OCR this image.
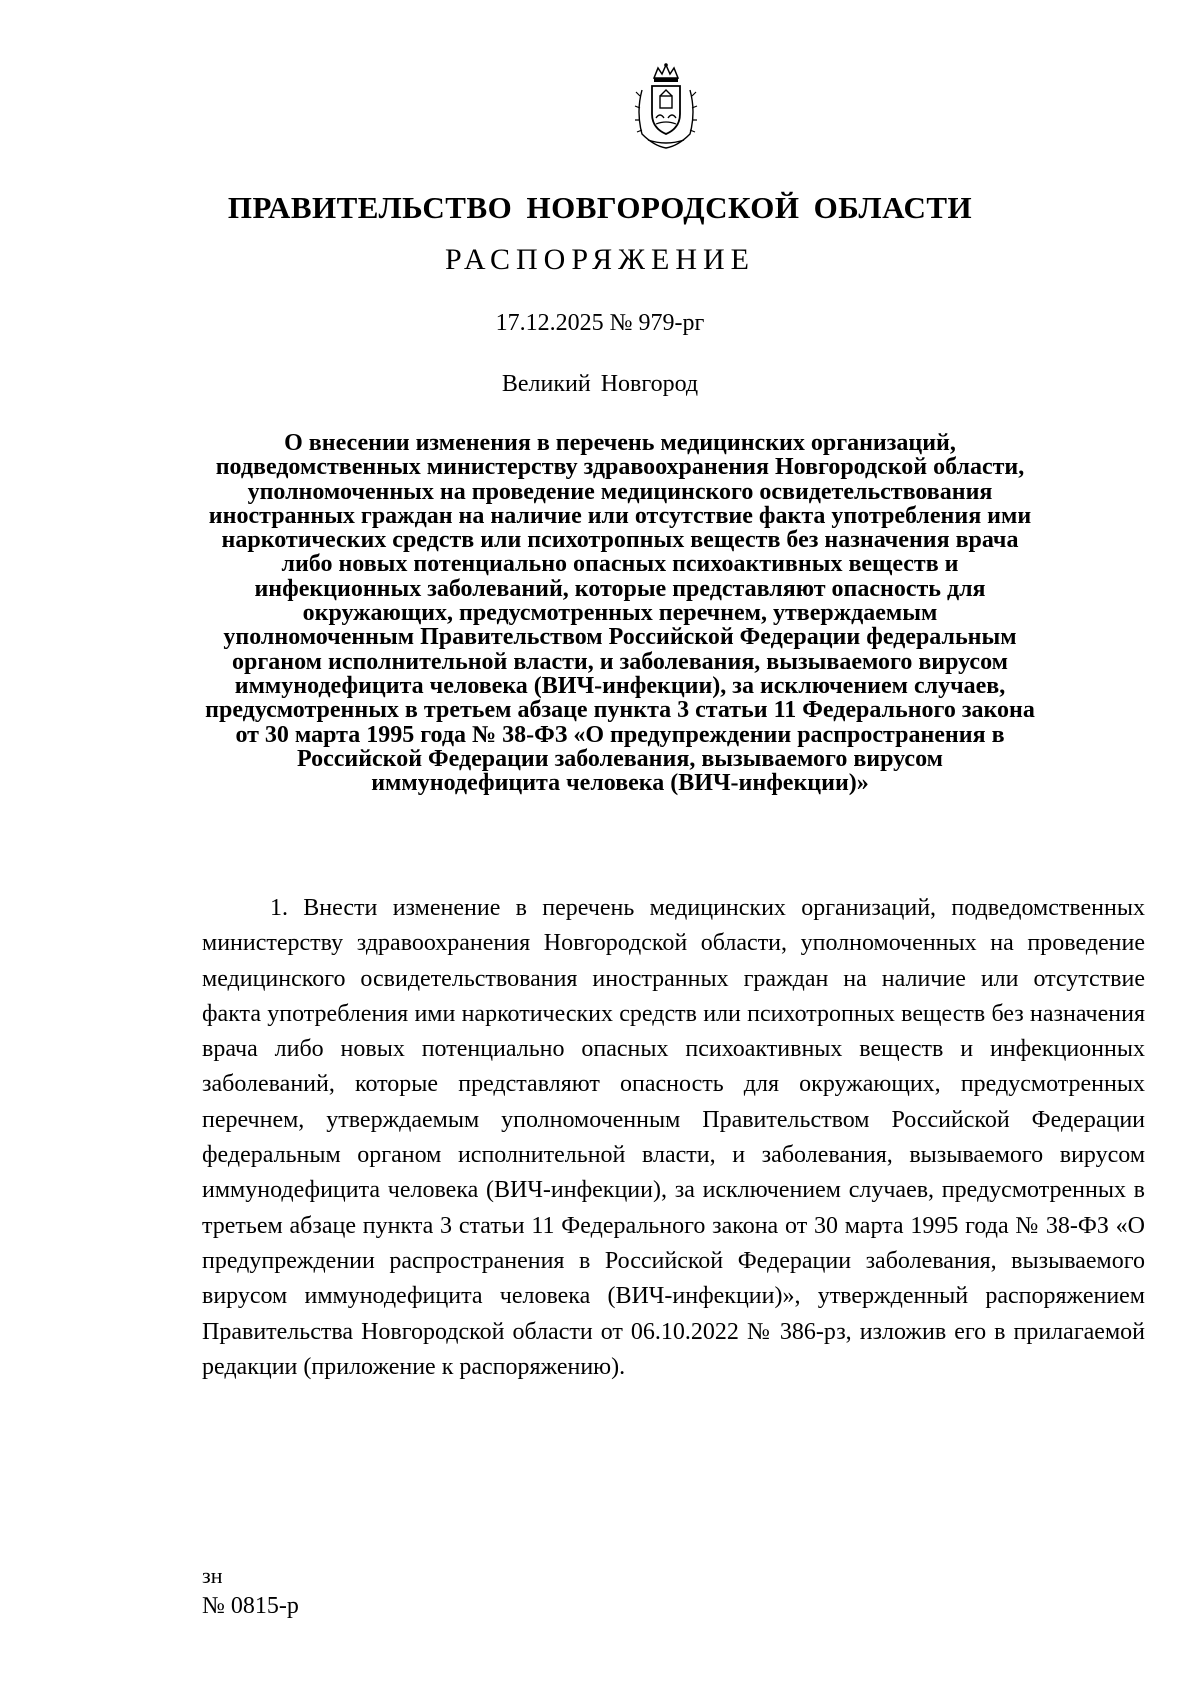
ПРАВИТЕЛЬСТВО НОВГОРОДСКОЙ ОБЛАСТИ
РАСПОРЯЖЕНИЕ
17.12.2025 № 979-рг
Великий Новгород
О внесении изменения в перечень медицинских организаций, подведомственных министерству здравоохранения Новгородской области, уполномоченных на проведение медицинского освидетельствования иностранных граждан на наличие или отсутствие факта употребления ими наркотических средств или психотропных веществ без назначения врача либо новых потенциально опасных психоактивных веществ и инфекционных заболеваний, которые представляют опасность для окружающих, предусмотренных перечнем, утверждаемым уполномоченным Правительством Российской Федерации федеральным органом исполнительной власти, и заболевания, вызываемого вирусом иммунодефицита человека (ВИЧ-инфекции), за исключением случаев, предусмотренных в третьем абзаце пункта 3 статьи 11 Федерального закона от 30 марта 1995 года № 38-ФЗ «О предупреждении распространения в Российской Федерации заболевания, вызываемого вирусом иммунодефицита человека (ВИЧ-инфекции)»
1. Внести изменение в перечень медицинских организаций, подведомственных министерству здравоохранения Новгородской области, уполномоченных на проведение медицинского освидетельствования иностранных граждан на наличие или отсутствие факта употребления ими наркотических средств или психотропных веществ без назначения врача либо новых потенциально опасных психоактивных веществ и инфекционных заболеваний, которые представляют опасность для окружающих, предусмотренных перечнем, утверждаемым уполномоченным Правительством Российской Федерации федеральным органом исполнительной власти, и заболевания, вызываемого вирусом иммунодефицита человека (ВИЧ-инфекции), за исключением случаев, предусмотренных в третьем абзаце пункта 3 статьи 11 Федерального закона от 30 марта 1995 года № 38-ФЗ «О предупреждении распространения в Российской Федерации заболевания, вызываемого вирусом иммунодефицита человека (ВИЧ-инфекции)», утвержденный распоряжением Правительства Новгородской области от 06.10.2022 № 386-рз, изложив его в прилагаемой редакции (приложение к распоряжению).
зн
№ 0815-р
